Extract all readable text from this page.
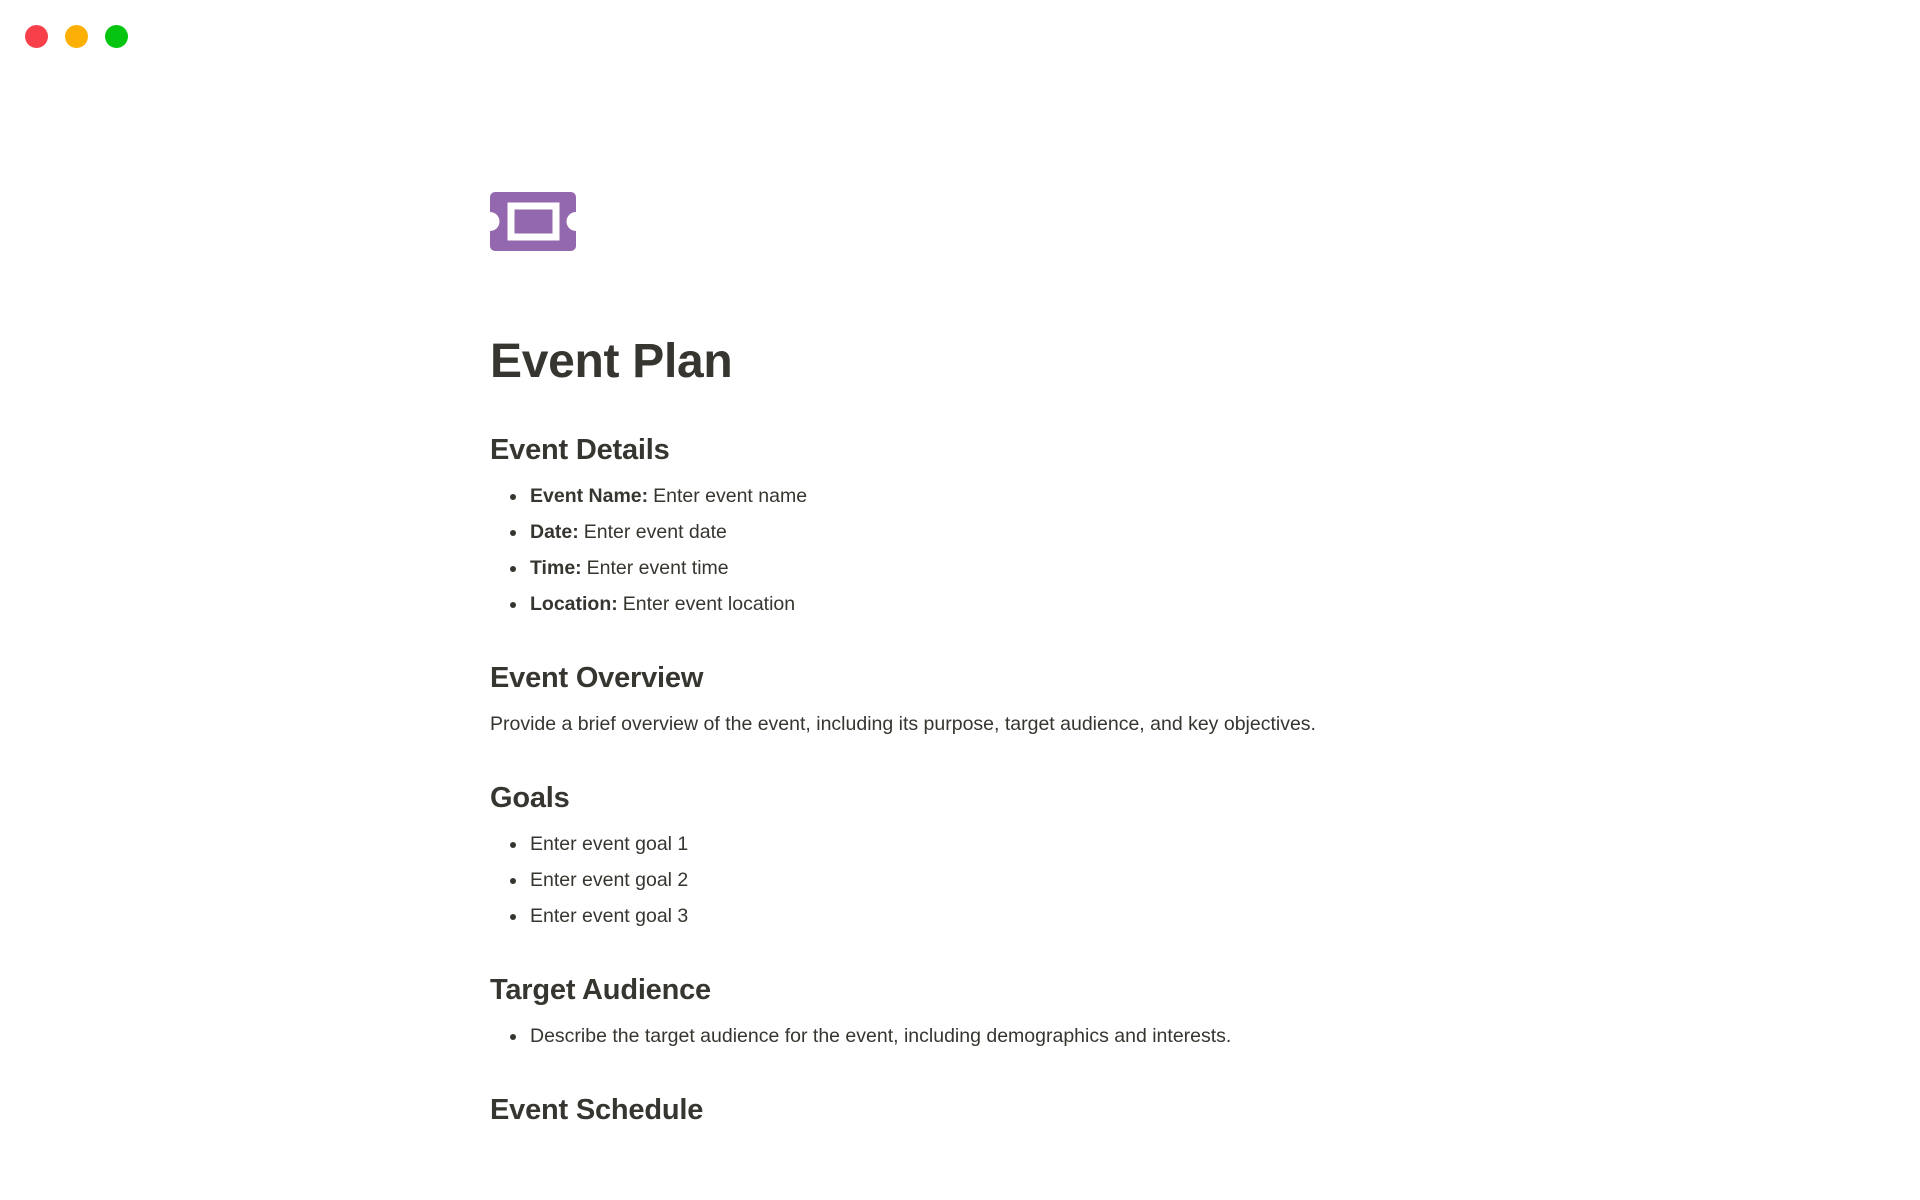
Event Plan
Event Details
• Event Name: Enter event name
• Date: Enter event date
• Time: Enter event time
• Location: Enter event location
Event Overview

Provide a brief overview of the event, including its purpose, target audience, and key objectives.

Goals
• Enter event goal 1
• Enter event goal 2
• Enter event goal 3
Target Audience
• Describe the target audience for the event, including demographics and interests.
Event Schedule
